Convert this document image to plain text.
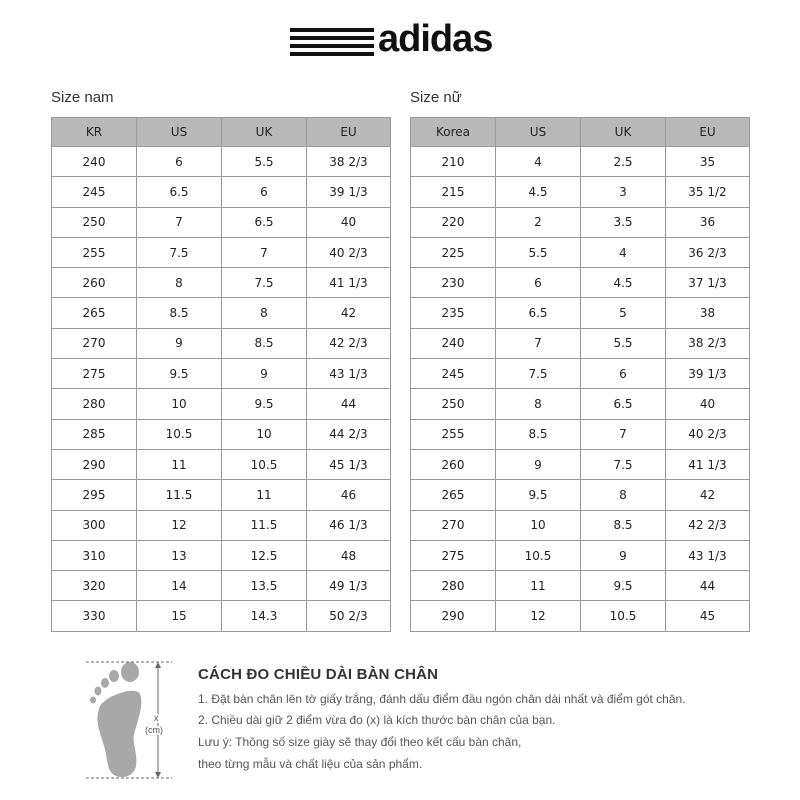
adidas
Size nam	Size nữ
KR	US	UK	EU
240	6	5.5	38 2/3
245	6.5	6	39 1/3
250	7	6.5	40
255	7.5	7	40 2/3
260	8	7.5	41 1/3
265	8.5	8	42
270	9	8.5	42 2/3
275	9.5	9	43 1/3
280	10	9.5	44
285	10.5	10	44 2/3
290	11	10.5	45 1/3
295	11.5	11	46
300	12	11.5	46 1/3
310	13	12.5	48
320	14	13.5	49 1/3
330	15	14.3	50 2/3
Korea	US	UK	EU
210	4	2.5	35
215	4.5	3	35 1/2
220	2	3.5	36
225	5.5	4	36 2/3
230	6	4.5	37 1/3
235	6.5	5	38
240	7	5.5	38 2/3
245	7.5	6	39 1/3
250	8	6.5	40
255	8.5	7	40 2/3
260	9	7.5	41 1/3
265	9.5	8	42
270	10	8.5	42 2/3
275	10.5	9	43 1/3
280	11	9.5	44
290	12	10.5	45
x
(cm)
CÁCH ĐO CHIỀU DÀI BÀN CHÂN
1. Đặt bàn chân lên tờ giấy trắng, đánh dấu điểm đầu ngón chân dài nhất và điểm gót chân.
2. Chiều dài giữ 2 điểm vừa đo (x) là kích thước bàn chân của bạn.
Lưu ý: Thông số size giày sẽ thay đổi theo kết cấu bàn chân,
theo từng mẫu và chất liệu của sản phẩm.
